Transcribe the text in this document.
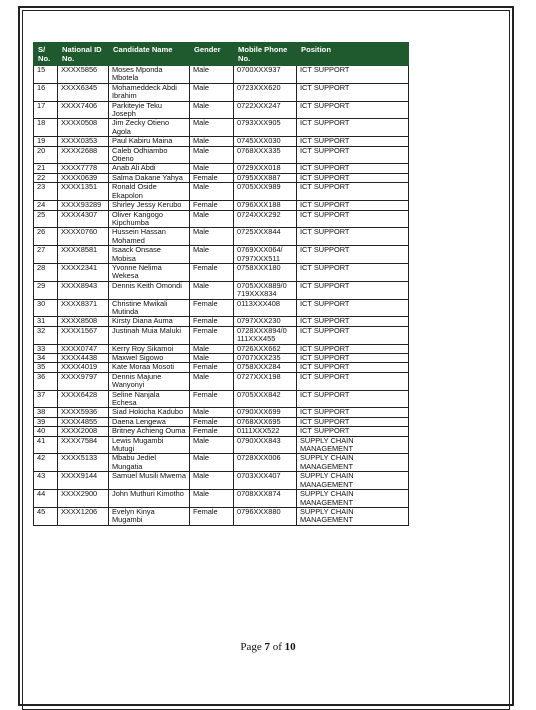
S/ No.	National ID No.	Candidate Name	Gender	Mobile Phone No.	Position
15	XXXX5856	Moses Mponda Mbotela	Male	0700XXX937	ICT SUPPORT
16	XXXX6345	Mohameddeck Abdi Ibrahim	Male	0723XXX620	ICT SUPPORT
17	XXXX7406	Parkiteyie Teku Joseph	Male	0722XXX247	ICT SUPPORT
18	XXXX0508	Jim Zecky Otieno Agola	Male	0793XXX905	ICT SUPPORT
19	XXXX0353	Paul Kabiru Maina	Male	0745XXX030	ICT SUPPORT
20	XXXX2688	Caleb Odhiambo Otieno	Male	0768XXX335	ICT SUPPORT
21	XXXX7778	Anab Ali Abdi	Male	0729XXX018	ICT SUPPORT
22	XXXX0639	Salma Dakane Yahya	Female	0795XXX887	ICT SUPPORT
23	XXXX1351	Ronald Oside Ekapolon	Male	0705XXX989	ICT SUPPORT
24	XXXX93289	Shirley Jessy Kerubo	Female	0796XXX188	ICT SUPPORT
25	XXXX4307	Oliver Kangogo Kipchumba	Male	0724XXX292	ICT SUPPORT
26	XXXX0760	Hussein Hassan Mohamed	Male	0725XXX844	ICT SUPPORT
27	XXXX8581	Isaack Onsase Mobisa	Male	0769XXX064/ 0797XXX511	ICT SUPPORT
28	XXXX2341	Yvonne Nelima Wekesa	Female	0758XXX180	ICT SUPPORT
29	XXXX8943	Dennis Keith Omondi	Male	0705XXX889/0 719XXX834	ICT SUPPORT
30	XXXX8371	Christine Mwikali Mutinda	Female	0113XXX408	ICT SUPPORT
31	XXXX8508	Kirsty Diana Auma	Female	0797XXX230	ICT SUPPORT
32	XXXX1567	Justinah Muia Maluki	Female	0728XXX894/0 111XXX455	ICT SUPPORT
33	XXXX0747	Kerry Roy Sikamoi	Male	0726XXX662	ICT SUPPORT
34	XXXX4438	Maxwel Sigowo	Male	0707XXX235	ICT SUPPORT
35	XXXX4019	Kate Moraa Mosoti	Female	0758XXX284	ICT SUPPORT
36	XXXX9797	Dennis Majune Wanyonyi	Male	0727XXX198	ICT SUPPORT
37	XXXX6428	Seline Nanjala Echesa	Female	0705XXX842	ICT SUPPORT
38	XXXX5936	Siad Hokicha Kadubo	Male	0790XXX699	ICT SUPPORT
39	XXXX4855	Daena Lengewa	Female	0768XXX695	ICT SUPPORT
40	XXXX2008	Britney Achieng Ouma	Female	0111XXX522	ICT SUPPORT
41	XXXX7584	Lewis Mugambi Mutugi	Male	0790XXX843	SUPPLY CHAIN MANAGEMENT
42	XXXX5133	Mbabu Jediel Mungatia	Male	0728XXX006	SUPPLY CHAIN MANAGEMENT
43	XXXX9144	Samuel Musili Mwema	Male	0703XXX407	SUPPLY CHAIN MANAGEMENT
44	XXXX2900	John Muthuri Kimotho	Male	0708XXX874	SUPPLY CHAIN MANAGEMENT
45	XXXX1206	Evelyn Kinya Mugambi	Female	0796XXX880	SUPPLY CHAIN MANAGEMENT
Page 7 of 10
